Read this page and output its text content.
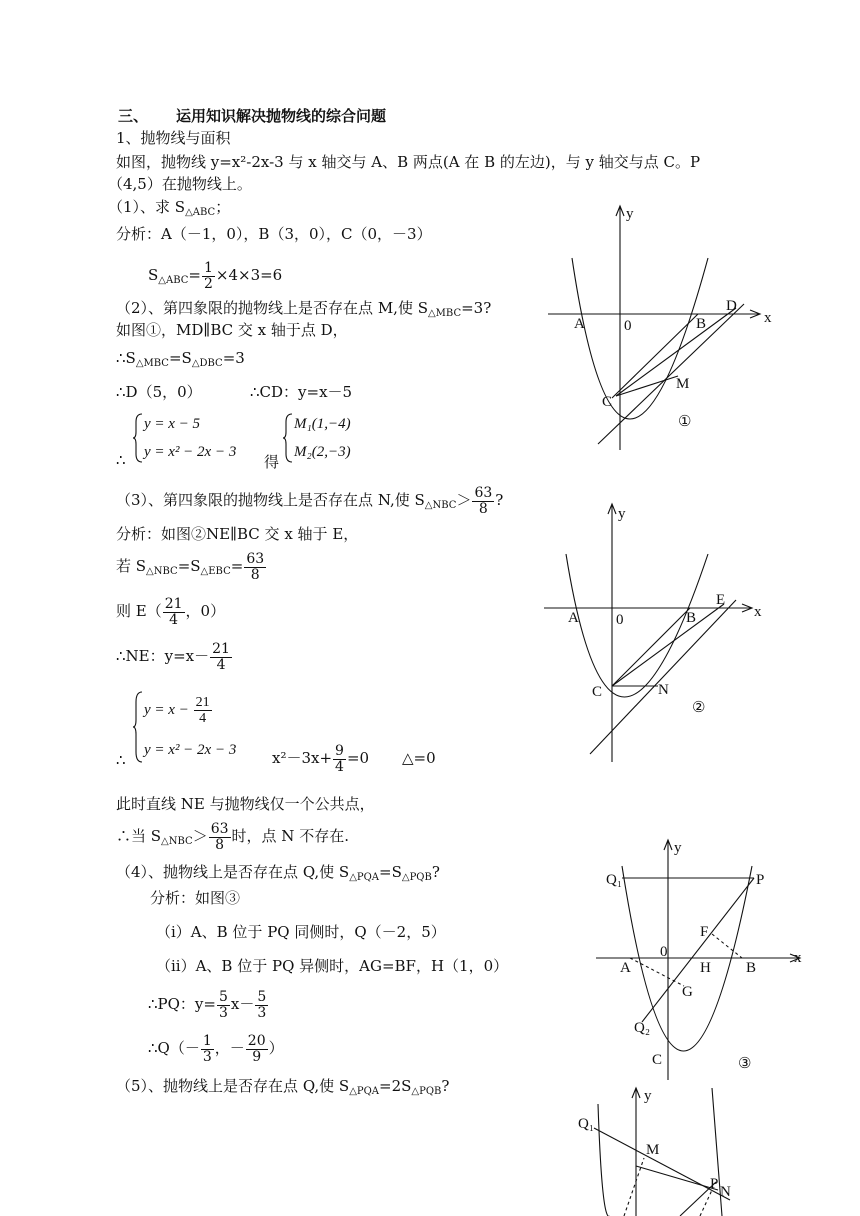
三、 运用知识解决抛物线的综合问题
1、抛物线与面积
如图，抛物线 y=x²-2x-3 与 x 轴交与 A、B 两点(A 在 B 的左边)，与 y 轴交与点 C。P
（4,5）在抛物线上。
（1）、求 $S_{\triangle ABC}$；
分析：A（－1，0），B（3，0），C（0，－3）
$S_{\triangle ABC}= \frac{1}{2} \times 4\times 3=6$
（2）、第四象限的抛物线上是否存在点 M,使 $S_{\triangle MBC}=3$?
如图①，MD∥BC 交 x 轴于点 D，
$\therefore S_{\triangle MBC}=S_{\triangle DBC}=3$
∴D（5，0）	∴CD：y=x－5
∴
y = x − 5
y = x² − 2x − 3
得
M₁(1,−4)
M₂(2,−3)
（3）、第四象限的抛物线上是否存在点 N,使 $S_{\triangle NBC}> \frac{63}{8}$ ?
分析：如图②NE∥BC 交 x 轴于 E，
若 $S_{\triangle NBC}=S_{\triangle EBC}= \frac{63}{8}$
则 $E( \frac{21}{4}$ ，0）
∴NE：$y=x- \frac{21}{4}$
∴
$y = x - \frac{21}{4}$
y = x² − 2x − 3 $x^2-3x+ \frac{9}{4} =0$ △=0
此时直线 NE 与抛物线仅一个公共点，
∴当 $S_{\triangle NBC}> \frac{63}{8}$ 时，点 N 不存在.
（4）、抛物线上是否存在点 Q,使 $S_{\triangle PQA}=S_{\triangle PQB}$?
分析：如图③
（i）A、B 位于 PQ 同侧时，Q（－2，5）
（ii）A、B 位于 PQ 异侧时，AG=BF，H（1，0）
∴PQ：$y= \frac{5}{3} x- \frac{5}{3}$
∴Q（－ $\frac{1}{3}$ ，－ $\frac{20}{9}$ ）
（5）、抛物线上是否存在点 Q,使 $S_{\triangle PQA}=2S_{\triangle PQB}$?
y
x
0
A	B
D
C
M
①
y
x
0
A	B
E
C	N
②
y
x
0
A	B
H
F
G
P
Q₁
Q₂
C	③
y
Q₁
M
P N
